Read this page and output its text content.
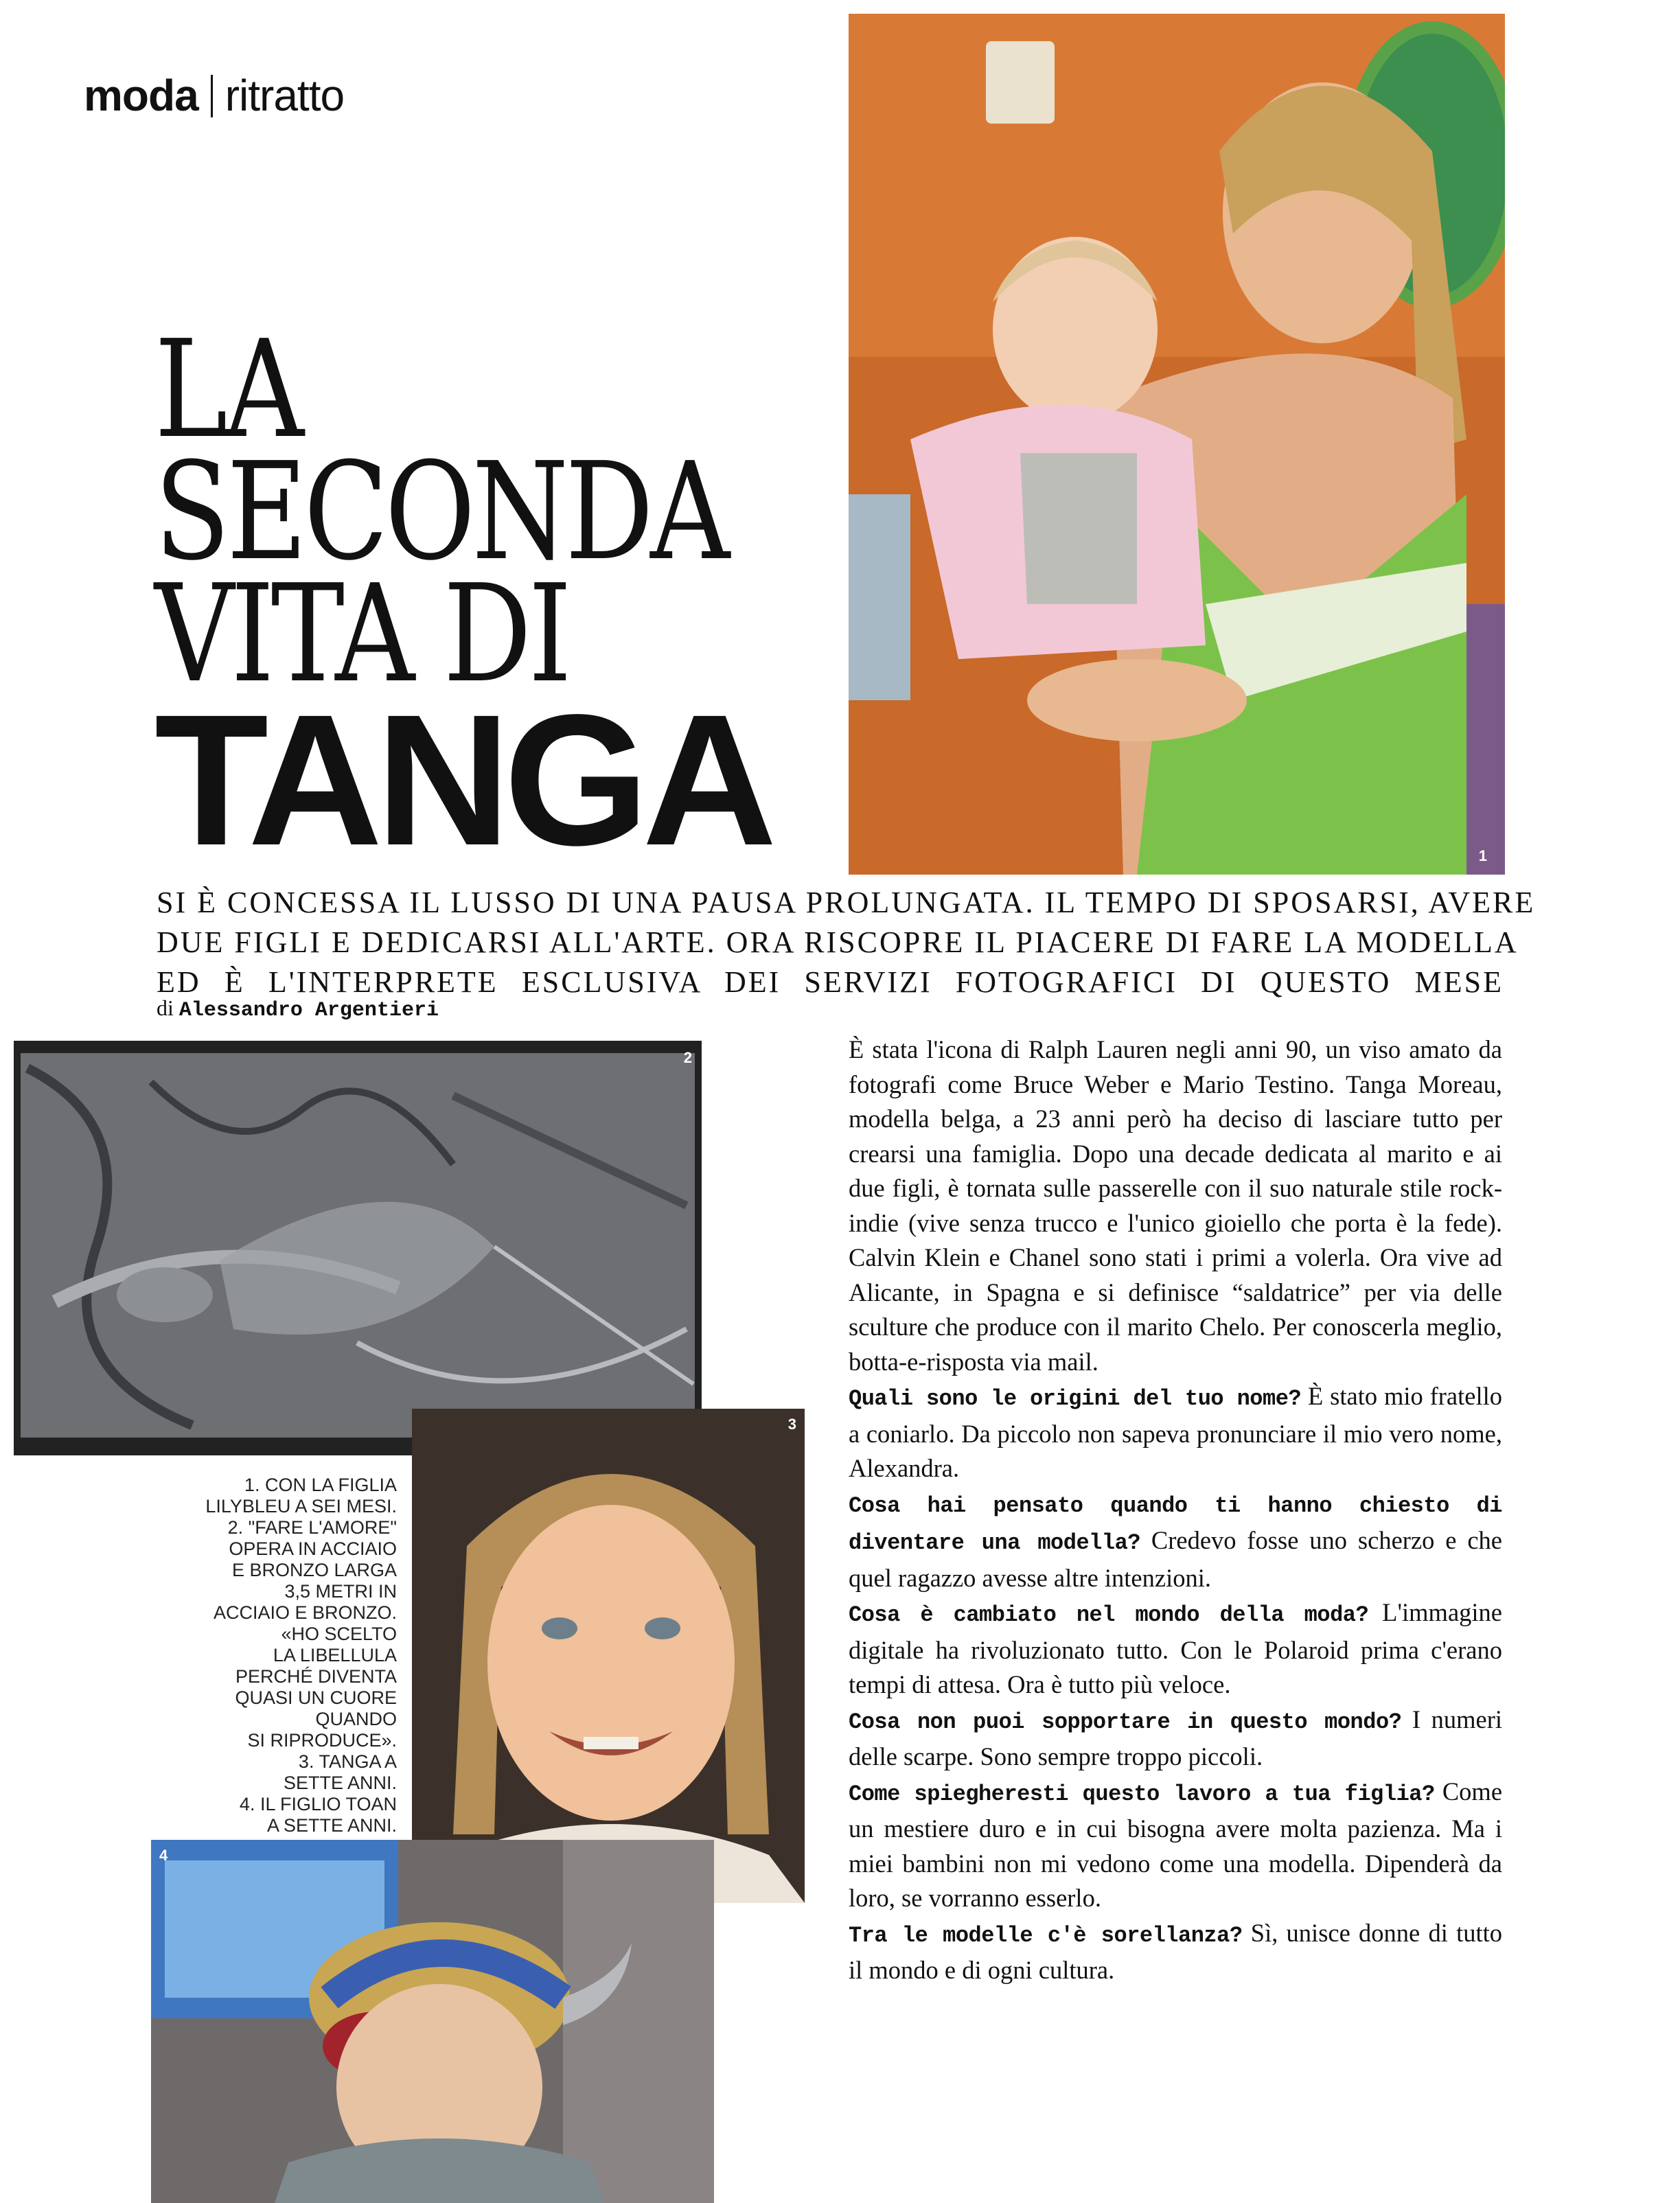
moda ritratto
LA
SECONDA
VITA DI
TANGA	1
SI È CONCESSA IL LUSSO DI UNA PAUSA PROLUNGATA. IL TEMPO DI SPOSARSI, AVERE
DUE FIGLI E DEDICARSI ALL'ARTE. ORA RISCOPRE IL PIACERE DI FARE LA MODELLA
ED È L'INTERPRETE ESCLUSIVA DEI SERVIZI FOTOGRAFICI DI QUESTO MESE
di Alessandro Argentieri
2
1. CON LA FIGLIA
LILYBLEU A SEI MESI.
2. "FARE L'AMORE"
OPERA IN ACCIAIO
E BRONZO LARGA
3,5 METRI IN
ACCIAIO E BRONZO.
«HO SCELTO
LA LIBELLULA
PERCHÉ DIVENTA
QUASI UN CUORE
QUANDO
SI RIPRODUCE».
3. TANGA A
SETTE ANNI.
4. IL FIGLIO TOAN
A SETTE ANNI.
3
4

È stata l'icona di Ralph Lauren negli anni 90, un viso amato da fotografi come Bruce Weber e Mario Testino. Tanga Moreau, modella belga, a 23 anni però ha deciso di lasciare tutto per crearsi una famiglia. Dopo una decade dedicata al marito e ai due figli, è tornata sulle passerelle con il suo naturale stile rock-indie (vive senza trucco e l'unico gioiello che porta è la fede). Calvin Klein e Chanel sono stati i primi a volerla. Ora vive ad Alicante, in Spagna e si definisce “saldatrice” per via delle sculture che produce con il marito Chelo. Per conoscerla meglio, botta-e-risposta via mail.

Quali sono le origini del tuo nome? È stato mio fratello a coniarlo. Da piccolo non sapeva pronunciare il mio vero nome, Alexandra.

Cosa hai pensato quando ti hanno chiesto di diventare una modella? Credevo fosse uno scherzo e che quel ragazzo avesse altre intenzioni.

Cosa è cambiato nel mondo della moda? L'immagine digitale ha rivoluzionato tutto. Con le Polaroid prima c'erano tempi di attesa. Ora è tutto più veloce.

Cosa non puoi sopportare in questo mondo? I numeri delle scarpe. Sono sempre troppo piccoli.

Come spiegheresti questo lavoro a tua figlia? Come un mestiere duro e in cui bisogna avere molta pazienza. Ma i miei bambini non mi vedono come una modella. Dipenderà da loro, se vorranno esserlo.

Tra le modelle c'è sorellanza? Sì, unisce donne di tutto il mondo e di ogni cultura.
